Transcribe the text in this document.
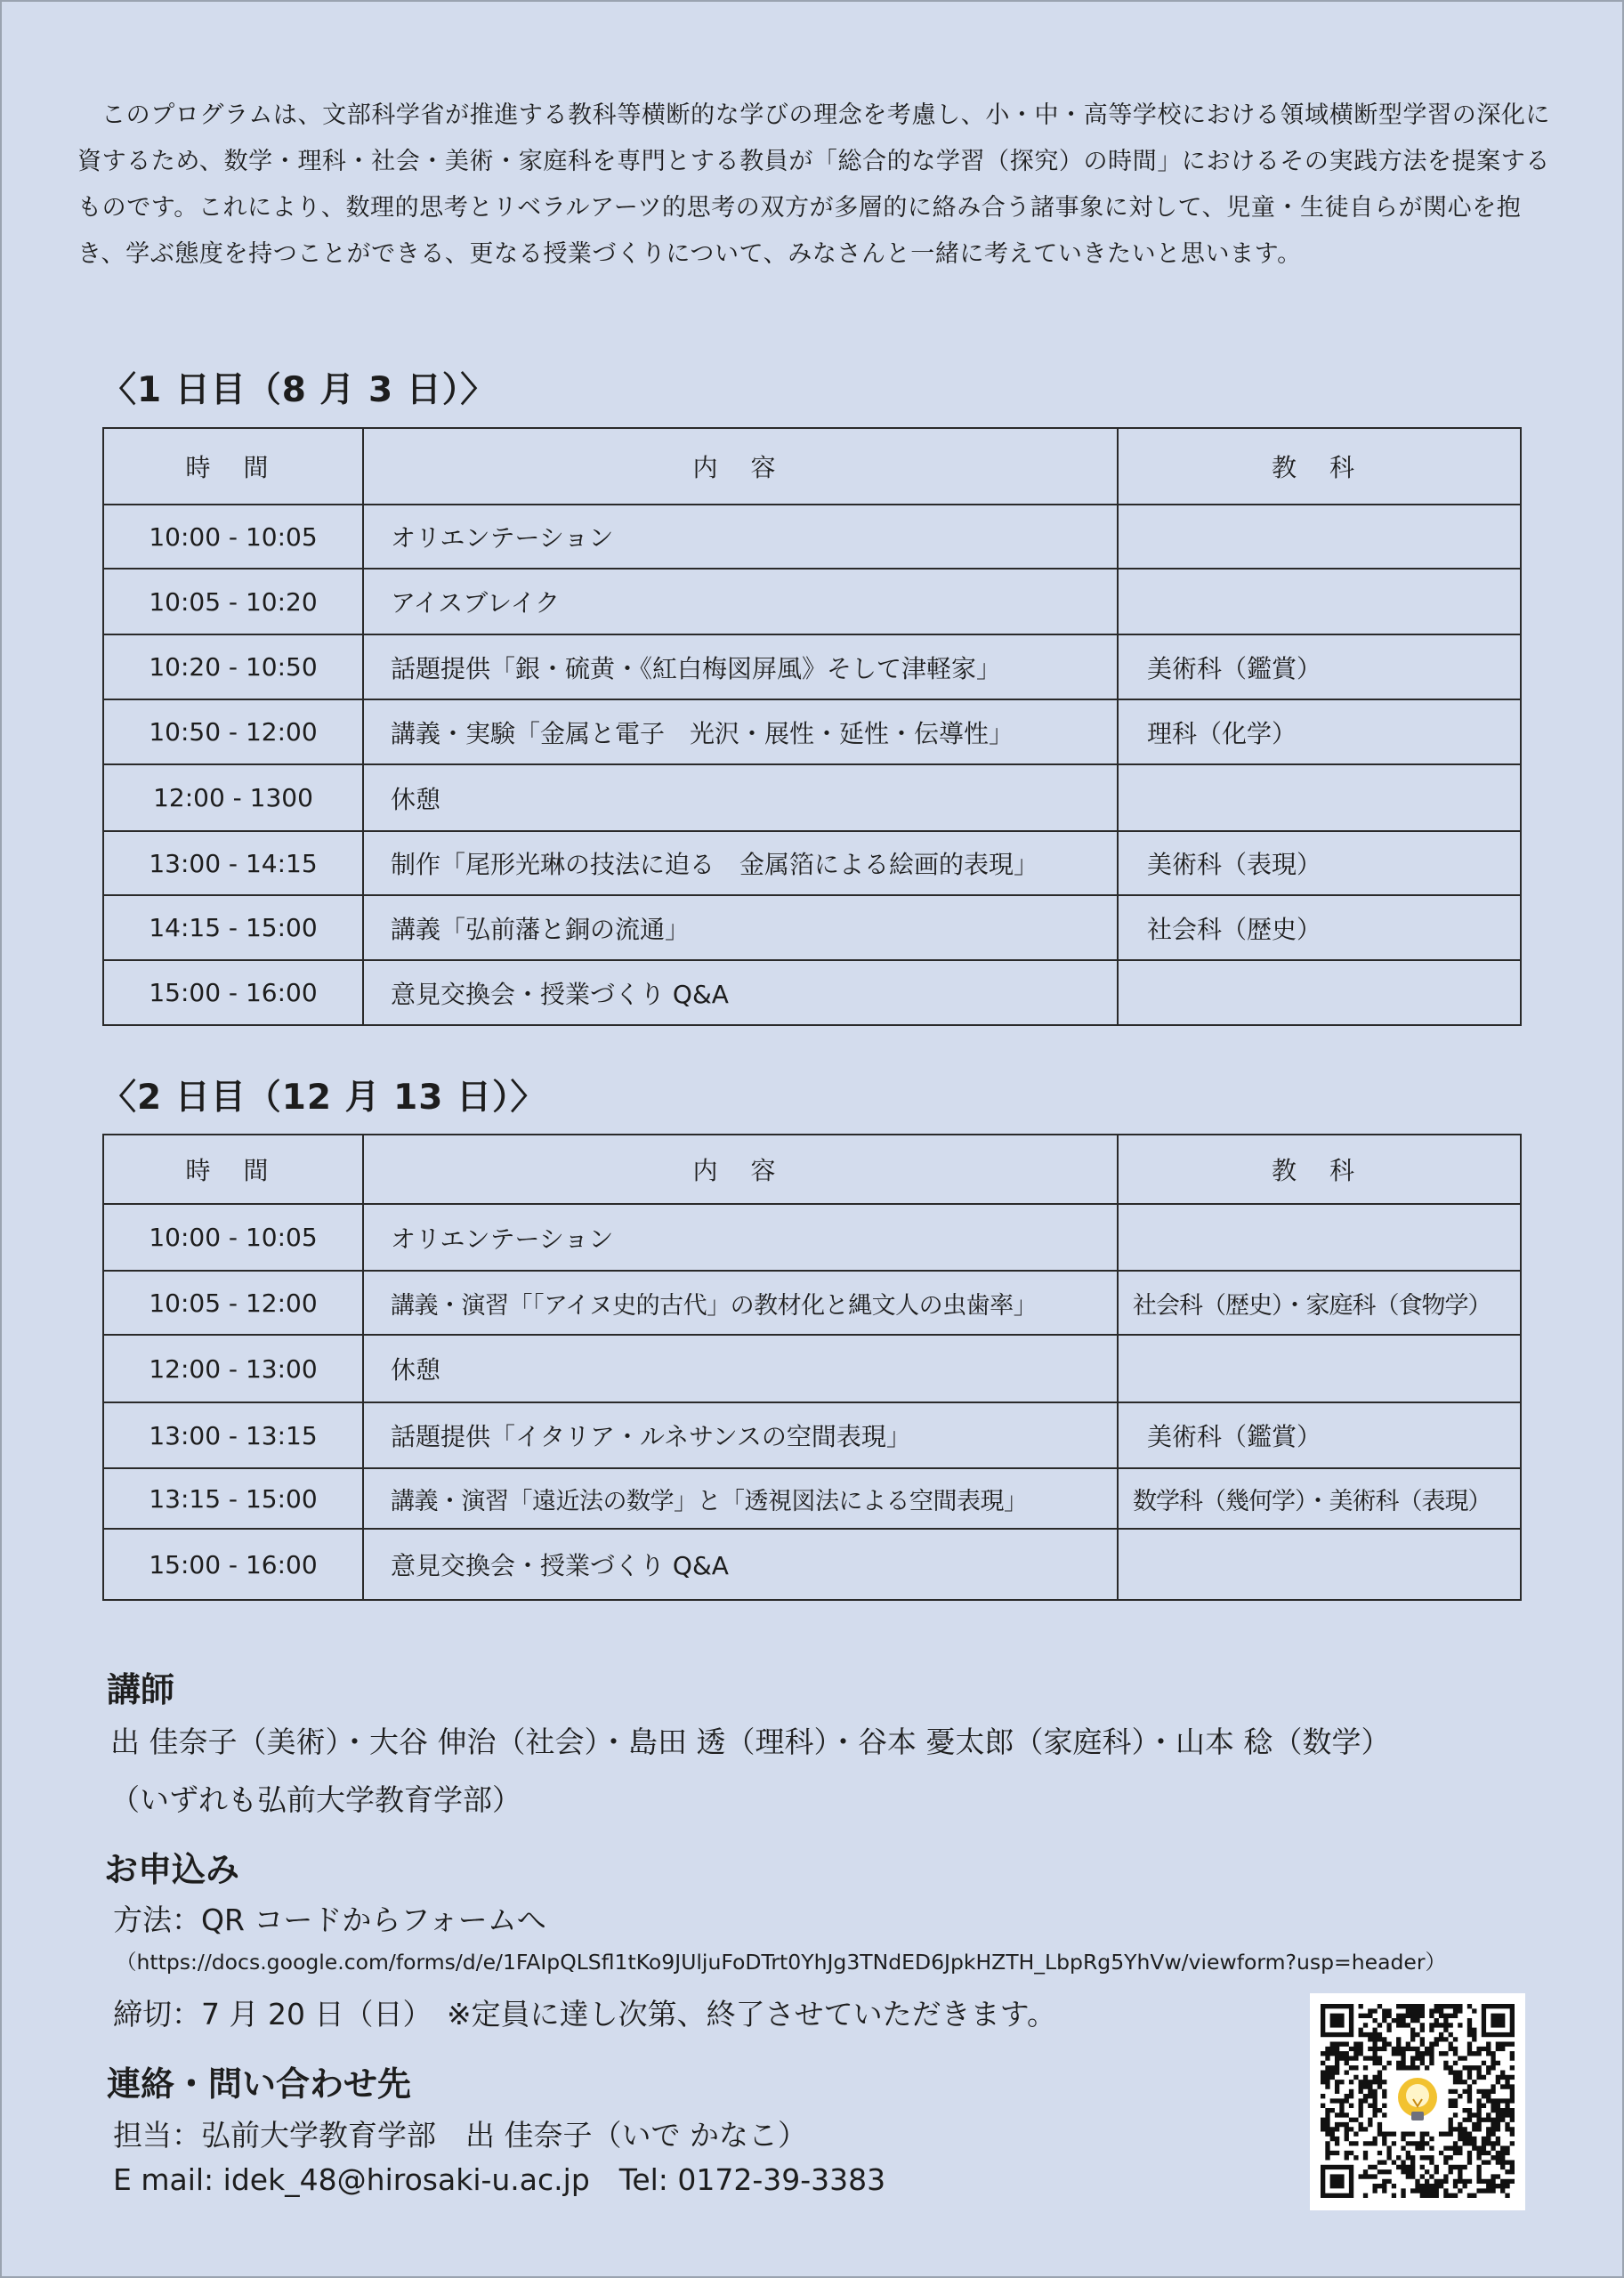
このプログラムは、文部科学省が推進する教科等横断的な学びの理念を考慮し、小・中・高等学校における領域横断型学習の深化に資するため、数学・理科・社会・美術・家庭科を専門とする教員が「総合的な学習（探究）の時間」におけるその実践方法を提案するものです。これにより、数理的思考とリベラルアーツ的思考の双方が多層的に絡み合う諸事象に対して、児童・生徒自らが関心を抱き、学ぶ態度を持つことができる、更なる授業づくりについて、みなさんと一緒に考えていきたいと思います。

〈1 日目（8 月 3 日）〉
時 間	内 容	教 科
10:00 - 10:05	オリエンテーション	
10:05 - 10:20	アイスブレイク	
10:20 - 10:50	話題提供「銀・硫黄・《紅白梅図屏風》そして津軽家」	美術科（鑑賞）
10:50 - 12:00	講義・実験「金属と電子　光沢・展性・延性・伝導性」	理科（化学）
12:00 - 1300	休憩	
13:00 - 14:15	制作「尾形光琳の技法に迫る　金属箔による絵画的表現」	美術科（表現）
14:15 - 15:00	講義「弘前藩と銅の流通」	社会科（歴史）
15:00 - 16:00	意見交換会・授業づくり Q&A	
〈2 日目（12 月 13 日）〉
時 間	内 容	教 科
10:00 - 10:05	オリエンテーション	
10:05 - 12:00	講義・演習「「アイヌ史的古代」の教材化と縄文人の虫歯率」	社会科（歴史）・家庭科（食物学）
12:00 - 13:00	休憩	
13:00 - 13:15	話題提供「イタリア・ルネサンスの空間表現」	美術科（鑑賞）
13:15 - 15:00	講義・演習「遠近法の数学」と「透視図法による空間表現」	数学科（幾何学）・美術科（表現）
15:00 - 16:00	意見交換会・授業づくり Q&A	
講師

出 佳奈子（美術）・大谷 伸治（社会）・島田 透（理科）・谷本 憂太郎（家庭科）・山本 稔（数学）

（いずれも弘前大学教育学部）

お申込み

方法：QR コードからフォームへ

（https://docs.google.com/forms/d/e/1FAIpQLSfl1tKo9JUljuFoDTrt0YhJg3TNdED6JpkHZTH_LbpRg5YhVw/viewform?usp=header）

締切：7 月 20 日（日）　※定員に達し次第、終了させていただきます。

連絡・問い合わせ先

担当：弘前大学教育学部　出 佳奈子（いで かなこ）

E mail: idek_48@hirosaki-u.ac.jp　Tel: 0172-39-3383
